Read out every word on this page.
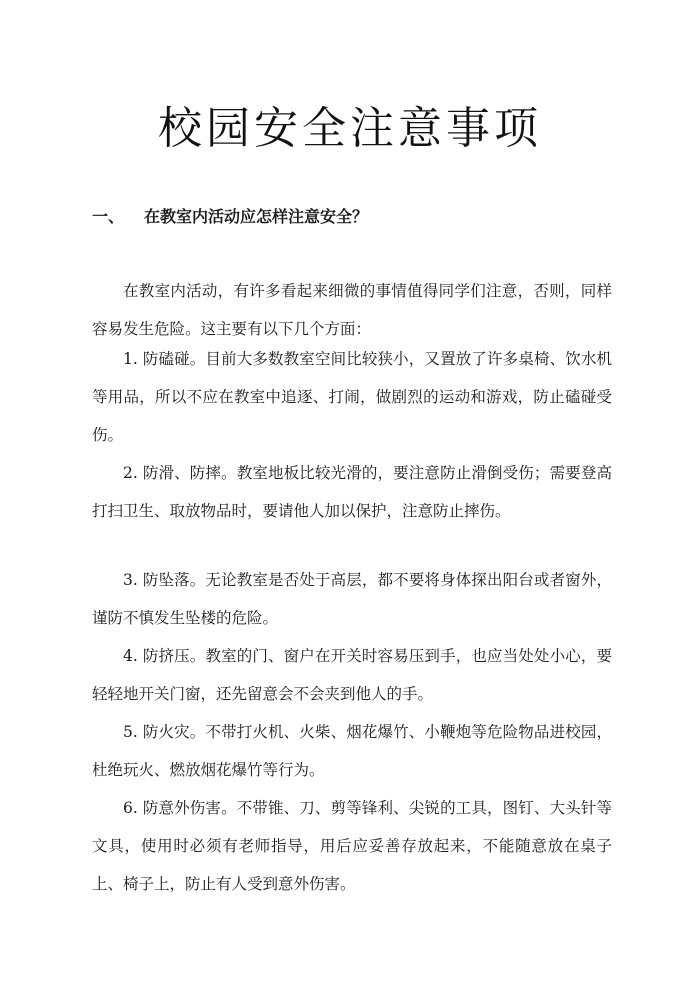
校园安全注意事项
一、 在教室内活动应怎样注意安全？

在教室内活动，有许多看起来细微的事情值得同学们注意，否则，同样容易发生危险。这主要有以下几个方面：

1. 防磕碰。目前大多数教室空间比较狭小，又置放了许多桌椅、饮水机等用品，所以不应在教室中追逐、打闹，做剧烈的运动和游戏，防止磕碰受伤。

2. 防滑、防摔。教室地板比较光滑的，要注意防止滑倒受伤；需要登高打扫卫生、取放物品时，要请他人加以保护，注意防止摔伤。

3. 防坠落。无论教室是否处于高层，都不要将身体探出阳台或者窗外，谨防不慎发生坠楼的危险。

4. 防挤压。教室的门、窗户在开关时容易压到手，也应当处处小心，要轻轻地开关门窗，还先留意会不会夹到他人的手。

5. 防火灾。不带打火机、火柴、烟花爆竹、小鞭炮等危险物品进校园，杜绝玩火、燃放烟花爆竹等行为。

6. 防意外伤害。不带锥、刀、剪等锋利、尖锐的工具，图钉、大头针等文具，使用时必须有老师指导，用后应妥善存放起来，不能随意放在桌子上、椅子上，防止有人受到意外伤害。
